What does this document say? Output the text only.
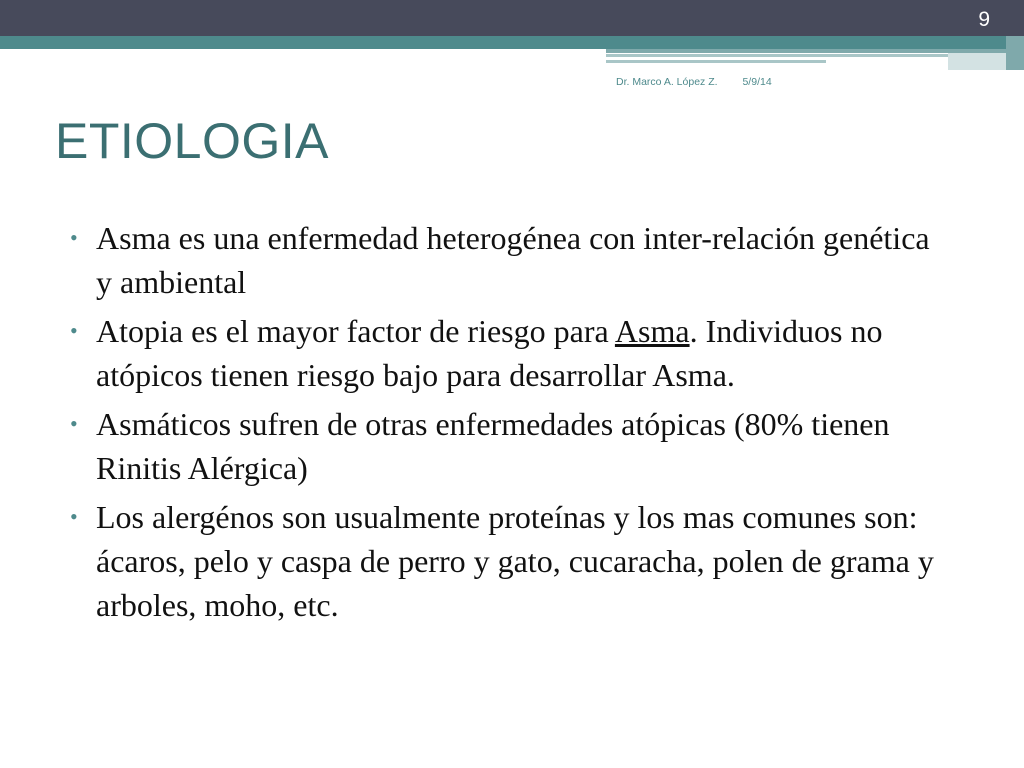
9
Dr. Marco A. López Z. 5/9/14
ETIOLOGIA
• Asma es una enfermedad heterogénea con inter-relación genética y ambiental
• Atopia es el mayor factor de riesgo para Asma. Individuos no atópicos tienen riesgo bajo para desarrollar Asma.
• Asmáticos sufren de otras enfermedades atópicas (80% tienen Rinitis Alérgica)
• Los alergénos son usualmente proteínas y los mas comunes son: ácaros, pelo y caspa de perro y gato, cucaracha, polen de grama y arboles, moho, etc.
